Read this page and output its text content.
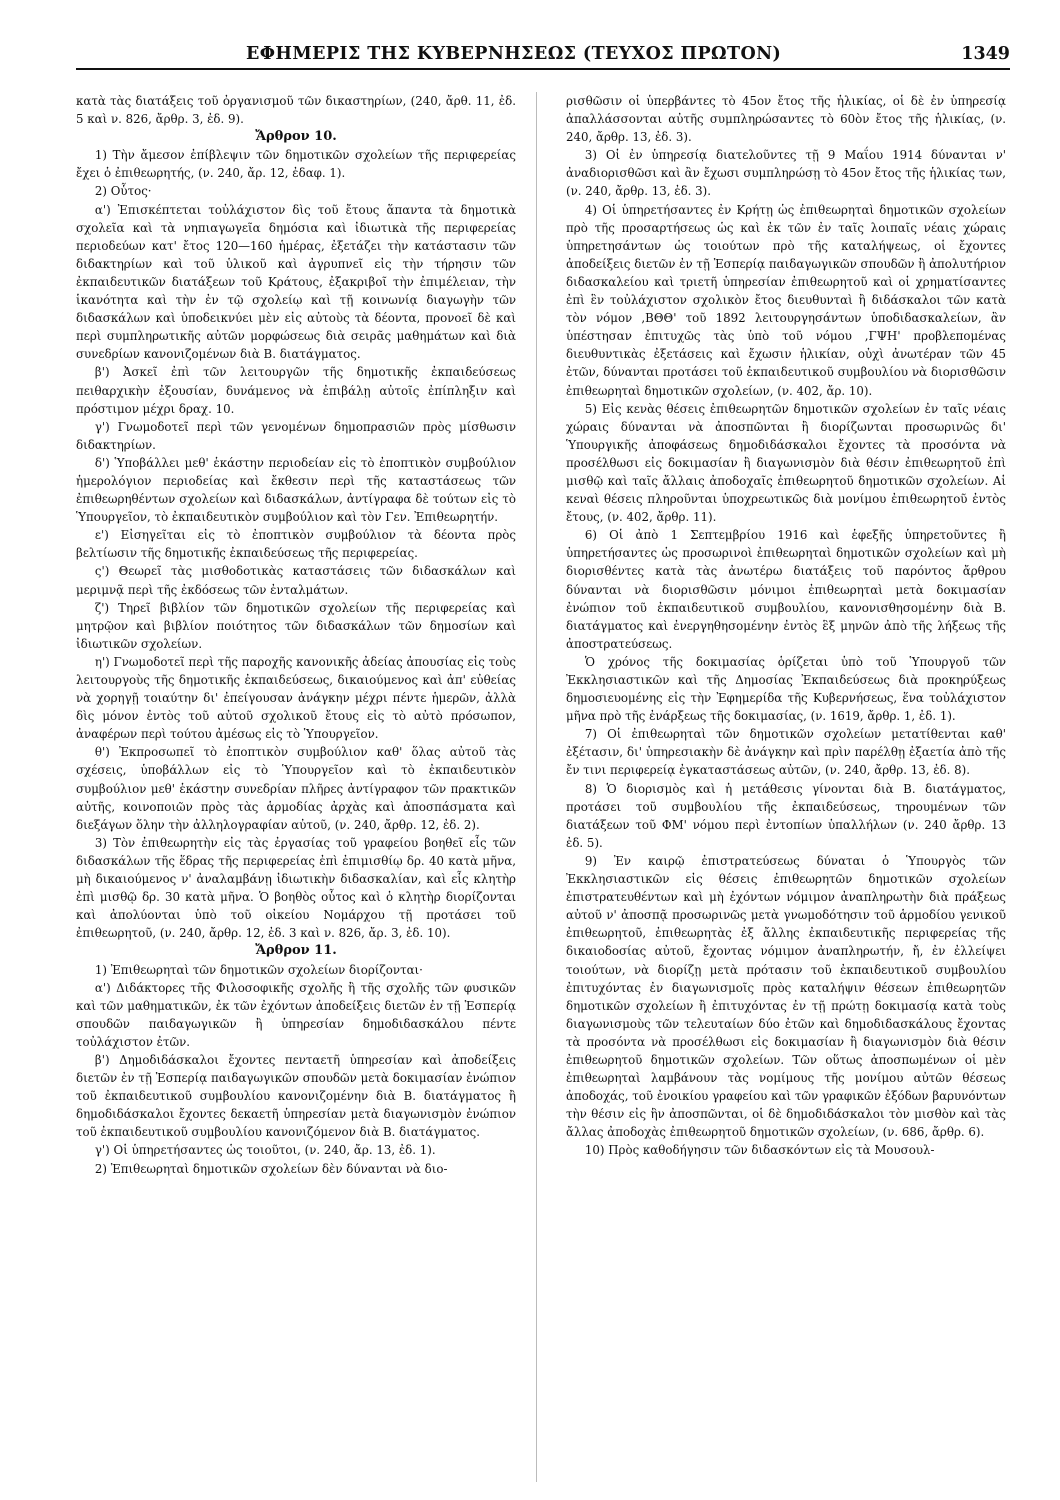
ΕΦΗΜΕΡΙΣ ΤΗΣ ΚΥΒΕΡΝΗΣΕΩΣ (ΤΕΥΧΟΣ ΠΡΩΤΟΝ)	1349

κατὰ τὰς διατάξεις τοῦ ὀργανισμοῦ τῶν δικαστηρίων, (240, ἄρθ. 11, ἐδ. 5 καὶ ν. 826, ἄρθρ. 3, ἐδ. 9).

Ἄρθρον 10.

1) Τὴν ἄμεσον ἐπίβλεψιν τῶν δημοτικῶν σχολείων τῆς περιφερείας ἔχει ὁ ἐπιθεωρητής, (ν. 240, ἄρ. 12, ἐδαφ. 1).

2) Οὗτος·

α') Ἐπισκέπτεται τοὐλάχιστον δὶς τοῦ ἔτους ἅπαντα τὰ δημοτικὰ σχολεῖα καὶ τὰ νηπιαγωγεῖα δημόσια καὶ ἰδιωτικὰ τῆς περιφερείας περιοδεύων κατ' ἔτος 120—160 ἡμέρας, ἐξετάζει τὴν κατάστασιν τῶν διδακτηρίων καὶ τοῦ ὑλικοῦ καὶ ἀγρυπνεῖ εἰς τὴν τήρησιν τῶν ἐκπαιδευτικῶν διατάξεων τοῦ Κράτους, ἐξακριβοῖ τὴν ἐπιμέλειαν, τὴν ἱκανότητα καὶ τὴν ἐν τῷ σχολείῳ καὶ τῇ κοινωνίᾳ διαγωγὴν τῶν διδασκάλων καὶ ὑποδεικνύει μὲν εἰς αὐτοὺς τὰ δέοντα, προνοεῖ δὲ καὶ περὶ συμπληρωτικῆς αὐτῶν μορφώσεως διὰ σειρᾶς μαθημάτων καὶ διὰ συνεδρίων κανονιζομένων διὰ Β. διατάγματος.

β') Ἀσκεῖ ἐπὶ τῶν λειτουργῶν τῆς δημοτικῆς ἐκπαιδεύσεως πειθαρχικὴν ἐξουσίαν, δυνάμενος νὰ ἐπιβάλῃ αὐτοῖς ἐπίπληξιν καὶ πρόστιμον μέχρι δραχ. 10.

γ') Γνωμοδοτεῖ περὶ τῶν γενομένων δημοπρασιῶν πρὸς μίσθωσιν διδακτηρίων.

δ') Ὑποβάλλει μεθ' ἑκάστην περιοδείαν εἰς τὸ ἐποπτικὸν συμβούλιον ἡμερολόγιον περιοδείας καὶ ἔκθεσιν περὶ τῆς καταστάσεως τῶν ἐπιθεωρηθέντων σχολείων καὶ διδασκάλων, ἀντίγραφα δὲ τούτων εἰς τὸ Ὑπουργεῖον, τὸ ἐκπαιδευτικὸν συμβούλιον καὶ τὸν Γεν. Ἐπιθεωρητήν.

ε') Εἰσηγεῖται εἰς τὸ ἐποπτικὸν συμβούλιον τὰ δέοντα πρὸς βελτίωσιν τῆς δημοτικῆς ἐκπαιδεύσεως τῆς περιφερείας.

ς') Θεωρεῖ τὰς μισθοδοτικὰς καταστάσεις τῶν διδασκάλων καὶ μεριμνᾷ περὶ τῆς ἐκδόσεως τῶν ἐνταλμάτων.

ζ') Τηρεῖ βιβλίον τῶν δημοτικῶν σχολείων τῆς περιφερείας καὶ μητρῷον καὶ βιβλίον ποιότητος τῶν διδασκάλων τῶν δημοσίων καὶ ἰδιωτικῶν σχολείων.

η') Γνωμοδοτεῖ περὶ τῆς παροχῆς κανονικῆς ἀδείας ἀπουσίας εἰς τοὺς λειτουργοὺς τῆς δημοτικῆς ἐκπαιδεύσεως, δικαιούμενος καὶ ἀπ' εὐθείας νὰ χορηγῇ τοιαύτην δι' ἐπείγουσαν ἀνάγκην μέχρι πέντε ἡμερῶν, ἀλλὰ δὶς μόνον ἐντὸς τοῦ αὐτοῦ σχολικοῦ ἔτους εἰς τὸ αὐτὸ πρόσωπον, ἀναφέρων περὶ τούτου ἀμέσως εἰς τὸ Ὑπουργεῖον.

θ') Ἐκπροσωπεῖ τὸ ἐποπτικὸν συμβούλιον καθ' ὅλας αὐτοῦ τὰς σχέσεις, ὑποβάλλων εἰς τὸ Ὑπουργεῖον καὶ τὸ ἐκπαιδευτικὸν συμβούλιον μεθ' ἑκάστην συνεδρίαν πλῆρες ἀντίγραφον τῶν πρακτικῶν αὐτῆς, κοινοποιῶν πρὸς τὰς ἁρμοδίας ἀρχὰς καὶ ἀποσπάσματα καὶ διεξάγων ὅλην τὴν ἀλληλογραφίαν αὐτοῦ, (ν. 240, ἄρθρ. 12, ἐδ. 2).

3) Τὸν ἐπιθεωρητὴν εἰς τὰς ἐργασίας τοῦ γραφείου βοηθεῖ εἷς τῶν διδασκάλων τῆς ἕδρας τῆς περιφερείας ἐπὶ ἐπιμισθίῳ δρ. 40 κατὰ μῆνα, μὴ δικαιούμενος ν' ἀναλαμβάνῃ ἰδιωτικὴν διδασκαλίαν, καὶ εἷς κλητὴρ ἐπὶ μισθῷ δρ. 30 κατὰ μῆνα. Ὁ βοηθὸς οὗτος καὶ ὁ κλητὴρ διορίζονται καὶ ἀπολύονται ὑπὸ τοῦ οἰκείου Νομάρχου τῇ προτάσει τοῦ ἐπιθεωρητοῦ, (ν. 240, ἄρθρ. 12, ἐδ. 3 καὶ ν. 826, ἄρ. 3, ἐδ. 10).

Ἄρθρον 11.

1) Ἐπιθεωρηταὶ τῶν δημοτικῶν σχολείων διορίζονται·

α') Διδάκτορες τῆς Φιλοσοφικῆς σχολῆς ἢ τῆς σχολῆς τῶν φυσικῶν καὶ τῶν μαθηματικῶν, ἐκ τῶν ἐχόντων ἀποδείξεις διετῶν ἐν τῇ Ἑσπερίᾳ σπουδῶν παιδαγωγικῶν ἢ ὑπηρεσίαν δημοδιδασκάλου πέντε τοὐλάχιστον ἐτῶν.

β') Δημοδιδάσκαλοι ἔχοντες πενταετῆ ὑπηρεσίαν καὶ ἀποδείξεις διετῶν ἐν τῇ Ἑσπερίᾳ παιδαγωγικῶν σπουδῶν μετὰ δοκιμασίαν ἐνώπιον τοῦ ἐκπαιδευτικοῦ συμβουλίου κανονιζομένην διὰ Β. διατάγματος ἢ δημοδιδάσκαλοι ἔχοντες δεκαετῆ ὑπηρεσίαν μετὰ διαγωνισμὸν ἐνώπιον τοῦ ἐκπαιδευτικοῦ συμβουλίου κανονιζόμενον διὰ Β. διατάγματος.

γ') Οἱ ὑπηρετήσαντες ὡς τοιοῦτοι, (ν. 240, ἄρ. 13, ἐδ. 1).

2) Ἐπιθεωρηταὶ δημοτικῶν σχολείων δὲν δύνανται νὰ διο-

ρισθῶσιν οἱ ὑπερβάντες τὸ 45ον ἔτος τῆς ἡλικίας, οἱ δὲ ἐν ὑπηρεσίᾳ ἀπαλλάσσονται αὐτῆς συμπληρώσαντες τὸ 60ὸν ἔτος τῆς ἡλικίας, (ν. 240, ἄρθρ. 13, ἐδ. 3).

3) Οἱ ἐν ὑπηρεσίᾳ διατελοῦντες τῇ 9 Μαΐου 1914 δύνανται ν' ἀναδιορισθῶσι καὶ ἂν ἔχωσι συμπληρώσῃ τὸ 45ον ἔτος τῆς ἡλικίας των, (ν. 240, ἄρθρ. 13, ἐδ. 3).

4) Οἱ ὑπηρετήσαντες ἐν Κρήτῃ ὡς ἐπιθεωρηταὶ δημοτικῶν σχολείων πρὸ τῆς προσαρτήσεως ὡς καὶ ἐκ τῶν ἐν ταῖς λοιπαῖς νέαις χώραις ὑπηρετησάντων ὡς τοιούτων πρὸ τῆς καταλήψεως, οἱ ἔχοντες ἀποδείξεις διετῶν ἐν τῇ Ἑσπερίᾳ παιδαγωγικῶν σπουδῶν ἢ ἀπολυτήριον διδασκαλείου καὶ τριετῆ ὑπηρεσίαν ἐπιθεωρητοῦ καὶ οἱ χρηματίσαντες ἐπὶ ἓν τοὐλάχιστον σχολικὸν ἔτος διευθυνταὶ ἢ διδάσκαλοι τῶν κατὰ τὸν νόμον ,ΒΘΘ' τοῦ 1892 λειτουργησάντων ὑποδιδασκαλείων, ἂν ὑπέστησαν ἐπιτυχῶς τὰς ὑπὸ τοῦ νόμου ,ΓΨΗ' προβλεπομένας διευθυντικὰς ἐξετάσεις καὶ ἔχωσιν ἡλικίαν, οὐχὶ ἀνωτέραν τῶν 45 ἐτῶν, δύνανται προτάσει τοῦ ἐκπαιδευτικοῦ συμβουλίου νὰ διορισθῶσιν ἐπιθεωρηταὶ δημοτικῶν σχολείων, (ν. 402, ἄρ. 10).

5) Εἰς κενὰς θέσεις ἐπιθεωρητῶν δημοτικῶν σχολείων ἐν ταῖς νέαις χώραις δύνανται νὰ ἀποσπῶνται ἢ διορίζωνται προσωρινῶς δι' Ὑπουργικῆς ἀποφάσεως δημοδιδάσκαλοι ἔχοντες τὰ προσόντα νὰ προσέλθωσι εἰς δοκιμασίαν ἢ διαγωνισμὸν διὰ θέσιν ἐπιθεωρητοῦ ἐπὶ μισθῷ καὶ ταῖς ἄλλαις ἀποδοχαῖς ἐπιθεωρητοῦ δημοτικῶν σχολείων. Αἱ κεναὶ θέσεις πληροῦνται ὑποχρεωτικῶς διὰ μονίμου ἐπιθεωρητοῦ ἐντὸς ἔτους, (ν. 402, ἄρθρ. 11).

6) Οἱ ἀπὸ 1 Σεπτεμβρίου 1916 καὶ ἑφεξῆς ὑπηρετοῦντες ἢ ὑπηρετήσαντες ὡς προσωρινοὶ ἐπιθεωρηταὶ δημοτικῶν σχολείων καὶ μὴ διορισθέντες κατὰ τὰς ἀνωτέρω διατάξεις τοῦ παρόντος ἄρθρου δύνανται νὰ διορισθῶσιν μόνιμοι ἐπιθεωρηταὶ μετὰ δοκιμασίαν ἐνώπιον τοῦ ἐκπαιδευτικοῦ συμβουλίου, κανονισθησομένην διὰ Β. διατάγματος καὶ ἐνεργηθησομένην ἐντὸς ἓξ μηνῶν ἀπὸ τῆς λήξεως τῆς ἀποστρατεύσεως.

Ὁ χρόνος τῆς δοκιμασίας ὁρίζεται ὑπὸ τοῦ Ὑπουργοῦ τῶν Ἐκκλησιαστικῶν καὶ τῆς Δημοσίας Ἐκπαιδεύσεως διὰ προκηρύξεως δημοσιευομένης εἰς τὴν Ἐφημερίδα τῆς Κυβερνήσεως, ἕνα τοὐλάχιστον μῆνα πρὸ τῆς ἐνάρξεως τῆς δοκιμασίας, (ν. 1619, ἄρθρ. 1, ἐδ. 1).

7) Οἱ ἐπιθεωρηταὶ τῶν δημοτικῶν σχολείων μετατίθενται καθ' ἐξέτασιν, δι' ὑπηρεσιακὴν δὲ ἀνάγκην καὶ πρὶν παρέλθῃ ἐξαετία ἀπὸ τῆς ἔν τινι περιφερείᾳ ἐγκαταστάσεως αὐτῶν, (ν. 240, ἄρθρ. 13, ἐδ. 8).

8) Ὁ διορισμὸς καὶ ἡ μετάθεσις γίνονται διὰ Β. διατάγματος, προτάσει τοῦ συμβουλίου τῆς ἐκπαιδεύσεως, τηρουμένων τῶν διατάξεων τοῦ ΦΜ' νόμου περὶ ἐντοπίων ὑπαλλήλων (ν. 240 ἄρθρ. 13 ἐδ. 5).

9) Ἐν καιρῷ ἐπιστρατεύσεως δύναται ὁ Ὑπουργὸς τῶν Ἐκκλησιαστικῶν εἰς θέσεις ἐπιθεωρητῶν δημοτικῶν σχολείων ἐπιστρατευθέντων καὶ μὴ ἐχόντων νόμιμον ἀναπληρωτὴν διὰ πράξεως αὐτοῦ ν' ἀποσπᾷ προσωρινῶς μετὰ γνωμοδότησιν τοῦ ἁρμοδίου γενικοῦ ἐπιθεωρητοῦ, ἐπιθεωρητὰς ἐξ ἄλλης ἐκπαιδευτικῆς περιφερείας τῆς δικαιοδοσίας αὐτοῦ, ἔχοντας νόμιμον ἀναπληρωτήν, ἤ, ἐν ἐλλείψει τοιούτων, νὰ διορίζῃ μετὰ πρότασιν τοῦ ἐκπαιδευτικοῦ συμβουλίου ἐπιτυχόντας ἐν διαγωνισμοῖς πρὸς καταλήψιν θέσεων ἐπιθεωρητῶν δημοτικῶν σχολείων ἢ ἐπιτυχόντας ἐν τῇ πρώτῃ δοκιμασίᾳ κατὰ τοὺς διαγωνισμοὺς τῶν τελευταίων δύο ἐτῶν καὶ δημοδιδασκάλους ἔχοντας τὰ προσόντα νὰ προσέλθωσι εἰς δοκιμασίαν ἢ διαγωνισμὸν διὰ θέσιν ἐπιθεωρητοῦ δημοτικῶν σχολείων. Τῶν οὕτως ἀποσπωμένων οἱ μὲν ἐπιθεωρηταὶ λαμβάνουν τὰς νομίμους τῆς μονίμου αὐτῶν θέσεως ἀποδοχάς, τοῦ ἐνοικίου γραφείου καὶ τῶν γραφικῶν ἐξόδων βαρυνόντων τὴν θέσιν εἰς ἣν ἀποσπῶνται, οἱ δὲ δημοδιδάσκαλοι τὸν μισθὸν καὶ τὰς ἄλλας ἀποδοχὰς ἐπιθεωρητοῦ δημοτικῶν σχολείων, (ν. 686, ἄρθρ. 6).

10) Πρὸς καθοδήγησιν τῶν διδασκόντων εἰς τὰ Μουσουλ-
